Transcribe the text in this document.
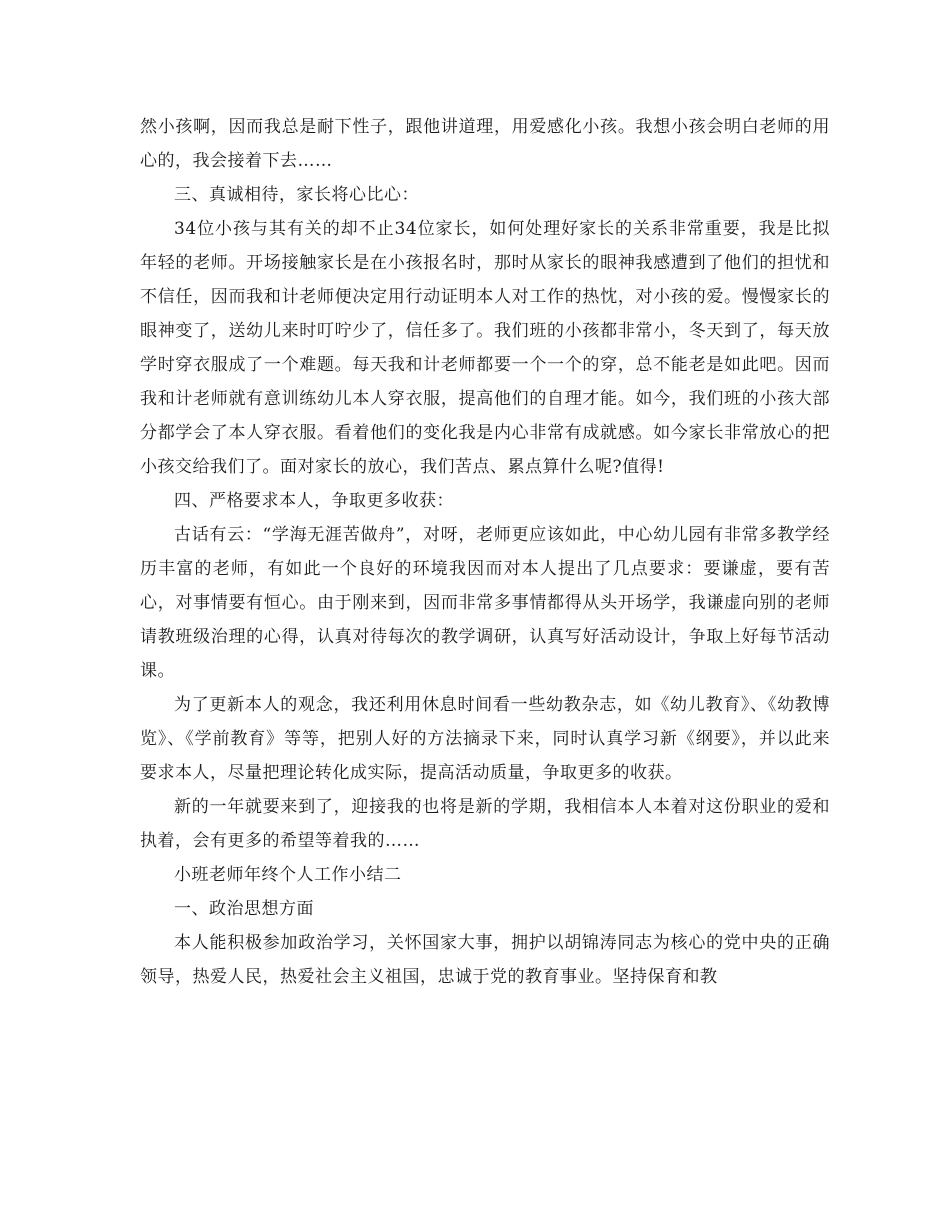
然小孩啊，因而我总是耐下性子，跟他讲道理，用爱感化小孩。我想小孩会明白老师的用心的，我会接着下去……

三、真诚相待，家长将心比心：

34位小孩与其有关的却不止34位家长，如何处理好家长的关系非常重要，我是比拟年轻的老师。开场接触家长是在小孩报名时，那时从家长的眼神我感遭到了他们的担忧和不信任，因而我和计老师便决定用行动证明本人对工作的热忱，对小孩的爱。慢慢家长的眼神变了，送幼儿来时叮咛少了，信任多了。我们班的小孩都非常小，冬天到了，每天放学时穿衣服成了一个难题。每天我和计老师都要一个一个的穿，总不能老是如此吧。因而我和计老师就有意训练幼儿本人穿衣服，提高他们的自理才能。如今，我们班的小孩大部分都学会了本人穿衣服。看着他们的变化我是内心非常有成就感。如今家长非常放心的把小孩交给我们了。面对家长的放心，我们苦点、累点算什么呢?值得!

四、严格要求本人，争取更多收获：

古话有云：“学海无涯苦做舟”，对呀，老师更应该如此，中心幼儿园有非常多教学经历丰富的老师，有如此一个良好的环境我因而对本人提出了几点要求：要谦虚，要有苦心，对事情要有恒心。由于刚来到，因而非常多事情都得从头开场学，我谦虚向别的老师请教班级治理的心得，认真对待每次的教学调研，认真写好活动设计，争取上好每节活动课。

为了更新本人的观念，我还利用休息时间看一些幼教杂志，如《幼儿教育》、《幼教博览》、《学前教育》等等，把别人好的方法摘录下来，同时认真学习新《纲要》，并以此来要求本人，尽量把理论转化成实际，提高活动质量，争取更多的收获。

新的一年就要来到了，迎接我的也将是新的学期，我相信本人本着对这份职业的爱和执着，会有更多的希望等着我的……

小班老师年终个人工作小结二

一、政治思想方面

本人能积极参加政治学习，关怀国家大事，拥护以胡锦涛同志为核心的党中央的正确领导，热爱人民，热爱社会主义祖国，忠诚于党的教育事业。坚持保育和教
